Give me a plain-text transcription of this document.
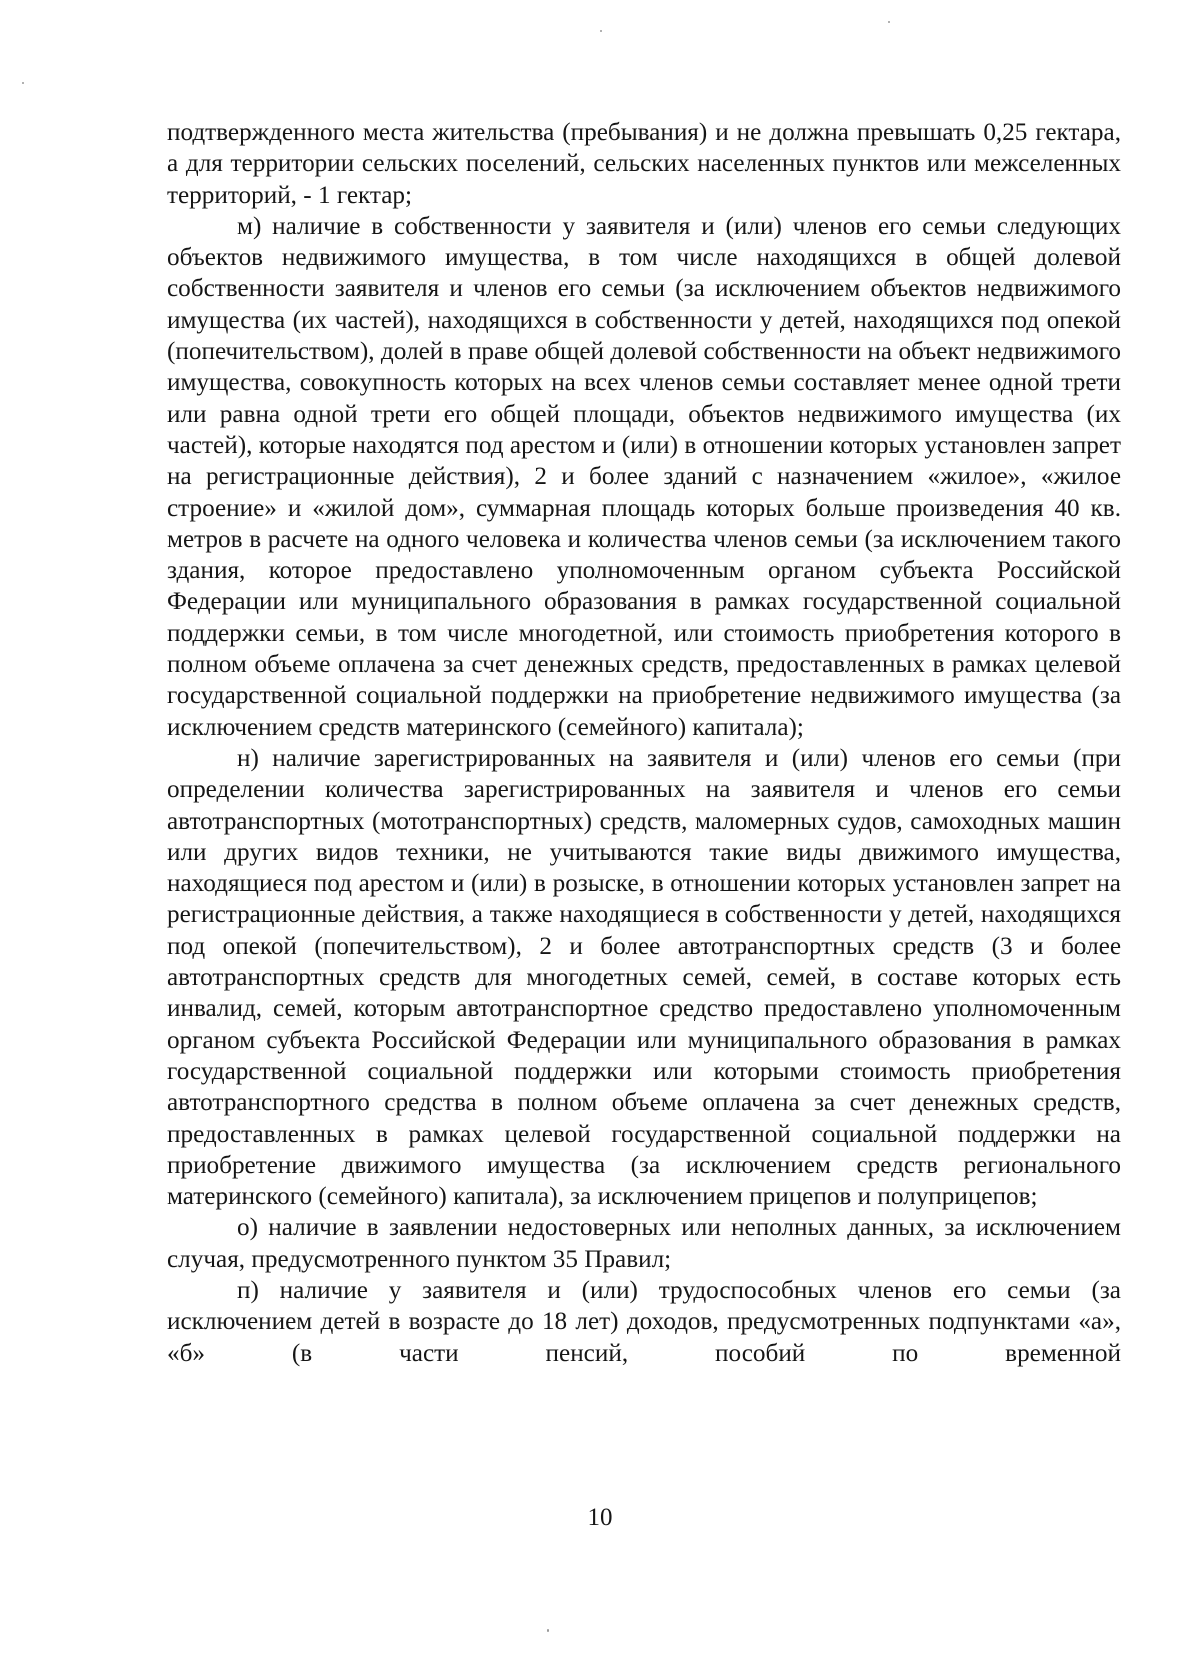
подтвержденного места жительства (пребывания) и не должна превышать 0,25 гектара, а для территории сельских поселений, сельских населенных пунктов или межселенных территорий, - 1 гектар;

м) наличие в собственности у заявителя и (или) членов его семьи следующих объектов недвижимого имущества, в том числе находящихся в общей долевой собственности заявителя и членов его семьи (за исключением объектов недвижимого имущества (их частей), находящихся в собственности у детей, находящихся под опекой (попечительством), долей в праве общей долевой собственности на объект недвижимого имущества, совокупность которых на всех членов семьи составляет менее одной трети или равна одной трети его общей площади, объектов недвижимого имущества (их частей), которые находятся под арестом и (или) в отношении которых установлен запрет на регистрационные действия), 2 и более зданий с назначением «жилое», «жилое строение» и «жилой дом», суммарная площадь которых больше произведения 40 кв. метров в расчете на одного человека и количества членов семьи (за исключением такого здания, которое предоставлено уполномоченным органом субъекта Российской Федерации или муниципального образования в рамках государственной социальной поддержки семьи, в том числе многодетной, или стоимость приобретения которого в полном объеме оплачена за счет денежных средств, предоставленных в рамках целевой государственной социальной поддержки на приобретение недвижимого имущества (за исключением средств материнского (семейного) капитала);

н) наличие зарегистрированных на заявителя и (или) членов его семьи (при определении количества зарегистрированных на заявителя и членов его семьи автотранспортных (мототранспортных) средств, маломерных судов, самоходных машин или других видов техники, не учитываются такие виды движимого имущества, находящиеся под арестом и (или) в розыске, в отношении которых установлен запрет на регистрационные действия, а также находящиеся в собственности у детей, находящихся под опекой (попечительством), 2 и более автотранспортных средств (3 и более автотранспортных средств для многодетных семей, семей, в составе которых есть инвалид, семей, которым автотранспортное средство предоставлено уполномоченным органом субъекта Российской Федерации или муниципального образования в рамках государственной социальной поддержки или которыми стоимость приобретения автотранспортного средства в полном объеме оплачена за счет денежных средств, предоставленных в рамках целевой государственной социальной поддержки на приобретение движимого имущества (за исключением средств регионального материнского (семейного) капитала), за исключением прицепов и полуприцепов;

о) наличие в заявлении недостоверных или неполных данных, за исключением случая, предусмотренного пунктом 35 Правил;

п) наличие у заявителя и (или) трудоспособных членов его семьи (за исключением детей в возрасте до 18 лет) доходов, предусмотренных подпунктами «а», «б» (в части пенсий, пособий по временной

10
